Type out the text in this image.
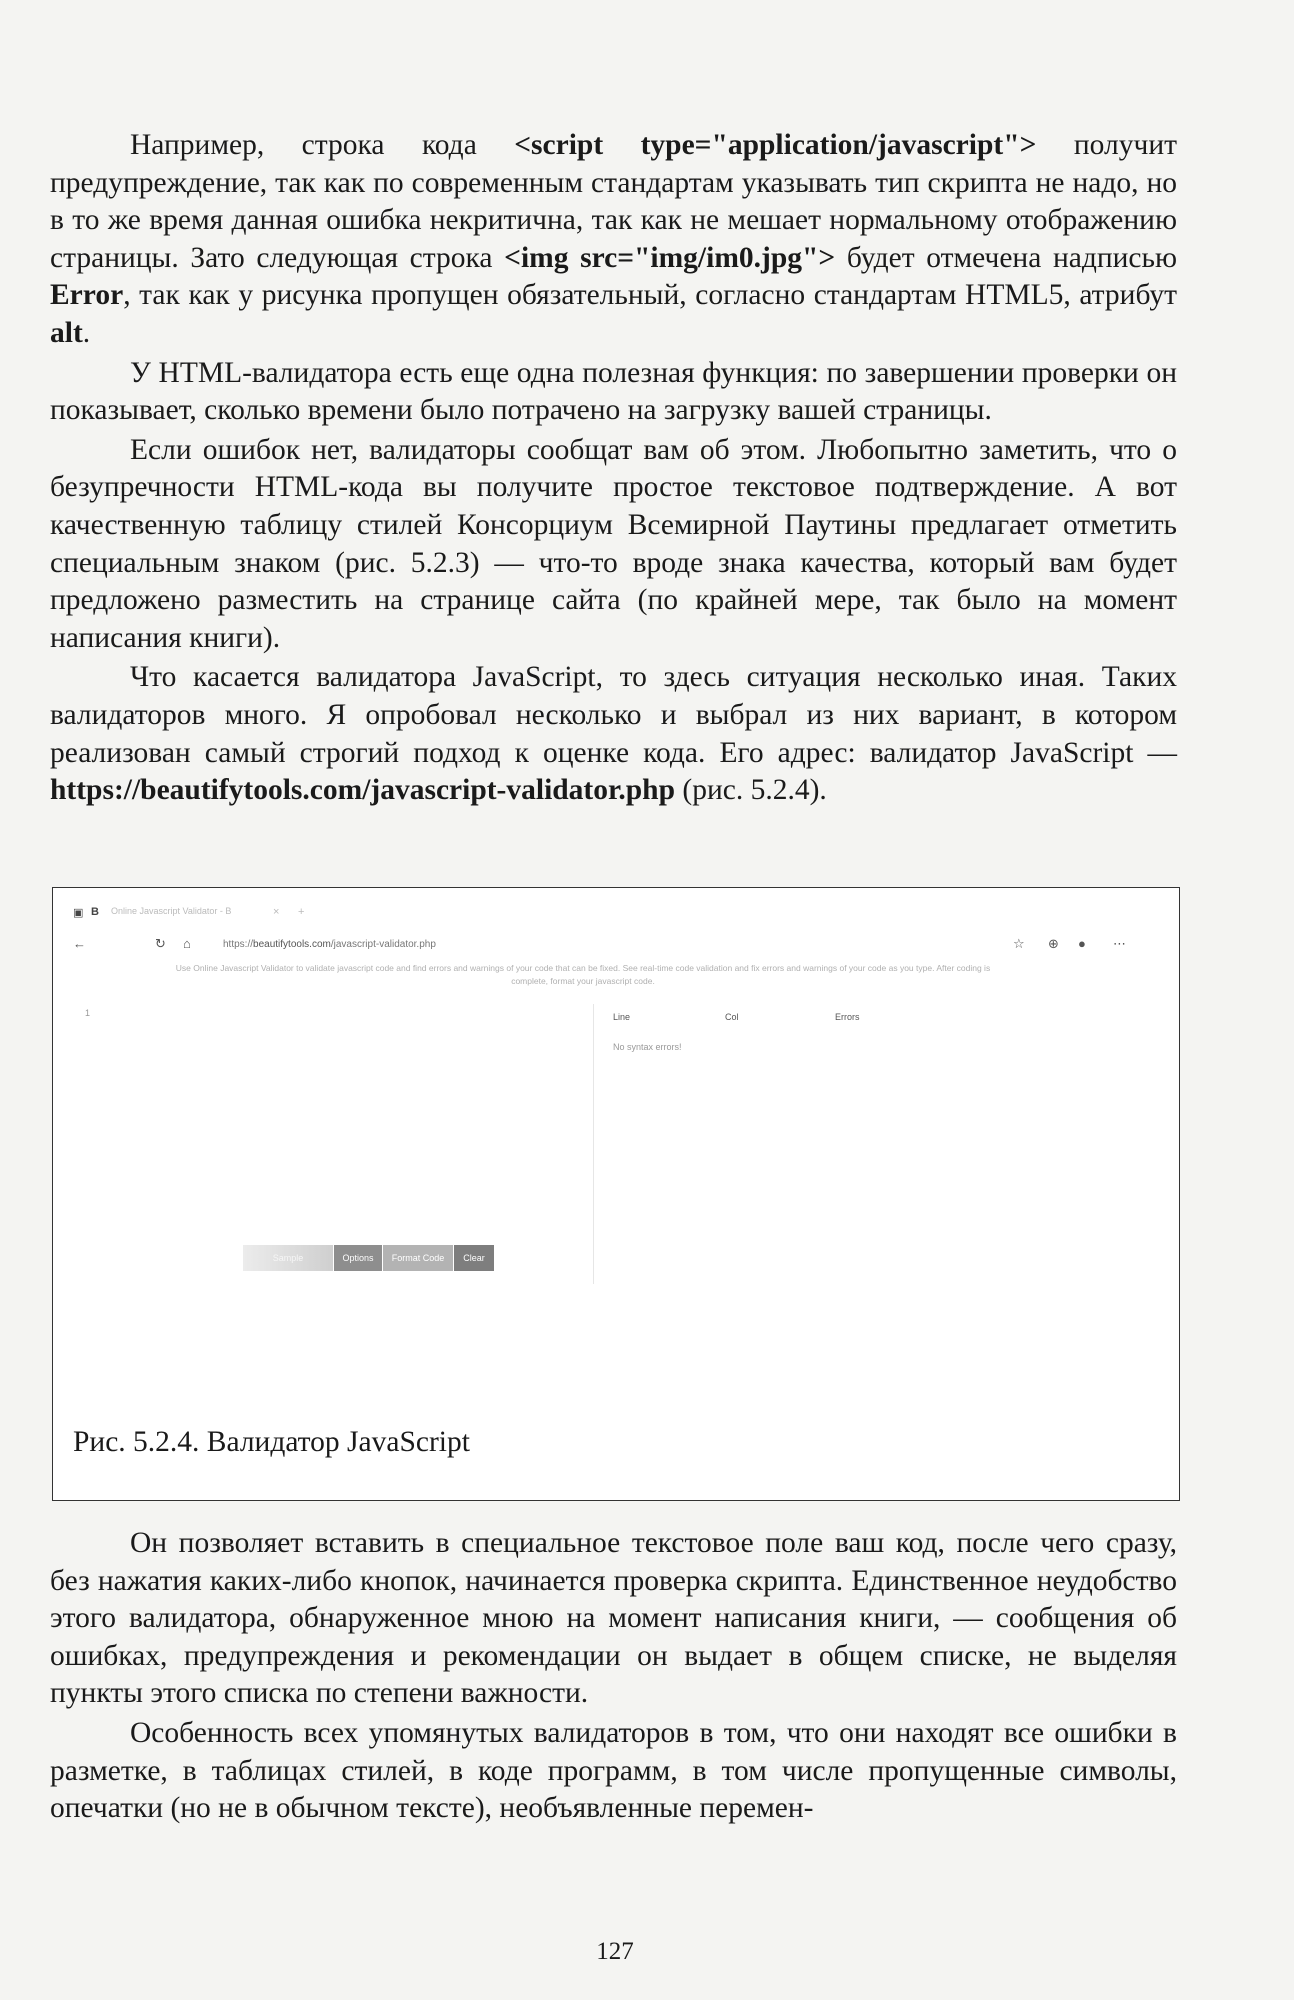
Например, строка кода <script type="application/javascript"> получит предупреждение, так как по современным стандартам указывать тип скрипта не надо, но в то же время данная ошибка некритична, так как не мешает нормальному отображению страницы. Зато следующая строка <img src="img/im0.jpg"> будет отмечена надписью Error, так как у рисунка пропущен обязательный, согласно стандартам HTML5, атрибут alt.

У HTML-валидатора есть еще одна полезная функция: по завершении проверки он показывает, сколько времени было потрачено на загрузку вашей страницы.

Если ошибок нет, валидаторы сообщат вам об этом. Любопытно заметить, что о безупречности HTML-кода вы получите простое текстовое подтверждение. А вот качественную таблицу стилей Консорциум Всемирной Паутины предлагает отметить специальным знаком (рис. 5.2.3) — что-то вроде знака качества, который вам будет предложено разместить на странице сайта (по крайней мере, так было на момент написания книги).

Что касается валидатора JavaScript, то здесь ситуация несколько иная. Таких валидаторов много. Я опробовал несколько и выбрал из них вариант, в котором реализован самый строгий подход к оценке кода. Его адрес: валидатор JavaScript — https://beautifytools.com/javascript-validator.php (рис. 5.2.4).

▣ B Online Javascript Validator - B	× +
←	↻ ⌂	https://beautifytools.com/javascript-validator.php	☆ ⊕ ● ⋯
Use Online Javascript Validator to validate javascript code and find errors and warnings of your code that can be fixed. See real-time code validation and fix errors and warnings of your code as you type. After coding is complete, format your javascript code.
1	Line	Col	Errors
No syntax errors!
Sample	Options	Format Code	Clear
Рис. 5.2.4. Валидатор JavaScript

Он позволяет вставить в специальное текстовое поле ваш код, после чего сразу, без нажатия каких-либо кнопок, начинается проверка скрипта. Единственное неудобство этого валидатора, обнаруженное мною на момент написания книги, — сообщения об ошибках, предупреждения и рекомендации он выдает в общем списке, не выделяя пункты этого списка по степени важности.

Особенность всех упомянутых валидаторов в том, что они находят все ошибки в разметке, в таблицах стилей, в коде программ, в том числе пропущенные символы, опечатки (но не в обычном тексте), необъявленные перемен-

127
